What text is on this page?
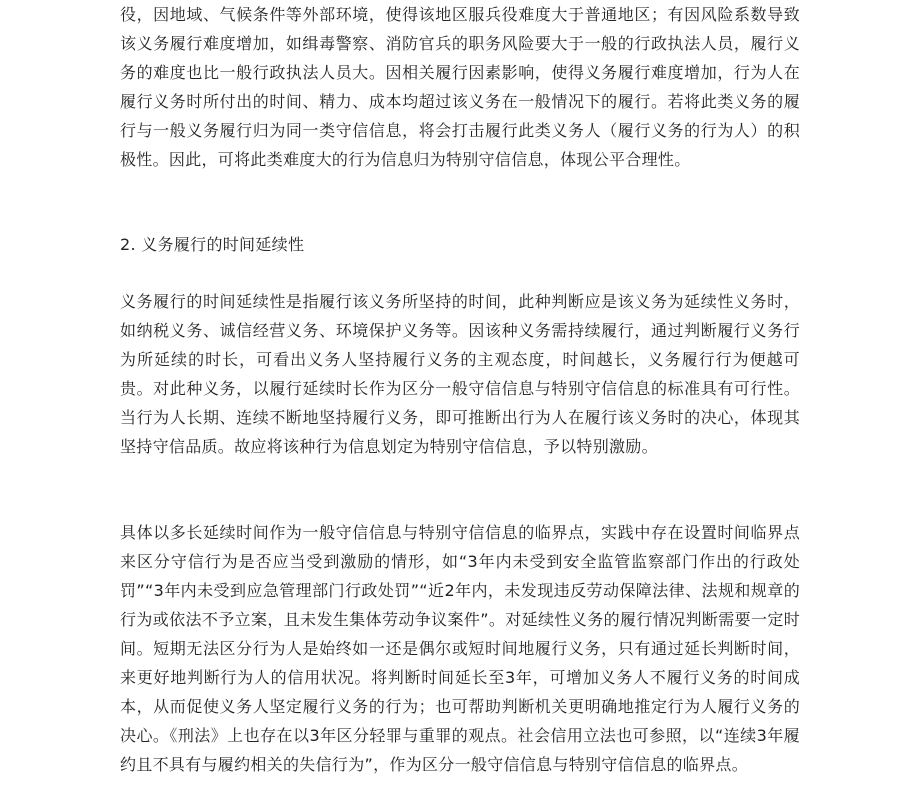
役，因地域、气候条件等外部环境，使得该地区服兵役难度大于普通地区；有因风险系数导致该义务履行难度增加，如缉毒警察、消防官兵的职务风险要大于一般的行政执法人员，履行义务的难度也比一般行政执法人员大。因相关履行因素影响，使得义务履行难度增加，行为人在履行义务时所付出的时间、精力、成本均超过该义务在一般情况下的履行。若将此类义务的履行与一般义务履行归为同一类守信信息，将会打击履行此类义务人（履行义务的行为人）的积极性。因此，可将此类难度大的行为信息归为特别守信信息，体现公平合理性。

2. 义务履行的时间延续性

义务履行的时间延续性是指履行该义务所坚持的时间，此种判断应是该义务为延续性义务时，如纳税义务、诚信经营义务、环境保护义务等。因该种义务需持续履行，通过判断履行义务行为所延续的时长，可看出义务人坚持履行义务的主观态度，时间越长，义务履行行为便越可贵。对此种义务，以履行延续时长作为区分一般守信信息与特别守信信息的标准具有可行性。当行为人长期、连续不断地坚持履行义务，即可推断出行为人在履行该义务时的决心，体现其坚持守信品质。故应将该种行为信息划定为特别守信信息，予以特别激励。

具体以多长延续时间作为一般守信信息与特别守信信息的临界点，实践中存在设置时间临界点来区分守信行为是否应当受到激励的情形，如“3年内未受到安全监管监察部门作出的行政处罚”“3年内未受到应急管理部门行政处罚”“近2年内，未发现违反劳动保障法律、法规和规章的行为或依法不予立案，且未发生集体劳动争议案件”。对延续性义务的履行情况判断需要一定时间。短期无法区分行为人是始终如一还是偶尔或短时间地履行义务，只有通过延长判断时间，来更好地判断行为人的信用状况。将判断时间延长至3年，可增加义务人不履行义务的时间成本，从而促使义务人坚定履行义务的行为；也可帮助判断机关更明确地推定行为人履行义务的决心。《刑法》上也存在以3年区分轻罪与重罪的观点。社会信用立法也可参照，以“连续3年履约且不具有与履约相关的失信行为”，作为区分一般守信信息与特别守信信息的临界点。
